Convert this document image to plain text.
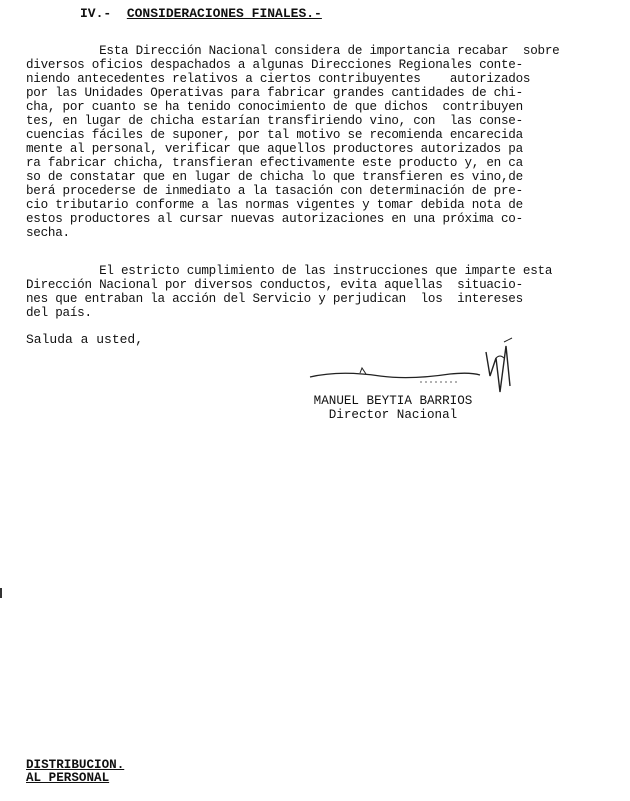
IV.- CONSIDERACIONES FINALES.-
Esta Dirección Nacional considera de importancia recabar  sobre
diversos oficios despachados a algunas Direcciones Regionales conte-
niendo antecedentes relativos a ciertos contribuyentes    autorizados
por las Unidades Operativas para fabricar grandes cantidades de chi-
cha, por cuanto se ha tenido conocimiento de que dichos  contribuyen
tes, en lugar de chicha estarían transfiriendo vino, con  las conse-
cuencias fáciles de suponer, por tal motivo se recomienda encarecida
mente al personal, verificar que aquellos productores autorizados pa
ra fabricar chicha, transfieran efectivamente este producto y, en ca
so de constatar que en lugar de chicha lo que transfieren es vino,de
berá procederse de inmediato a la tasación con determinación de pre-
cio tributario conforme a las normas vigentes y tomar debida nota de
estos productores al cursar nuevas autorizaciones en una próxima co-
secha.
El estricto cumplimiento de las instrucciones que imparte esta
Dirección Nacional por diversos conductos, evita aquellas  situacio-
nes que entraban la acción del Servicio y perjudican  los  intereses
del país.
Saluda a usted,
MANUEL BEYTIA BARRIOS
Director Nacional
DISTRIBUCION.
AL PERSONAL
